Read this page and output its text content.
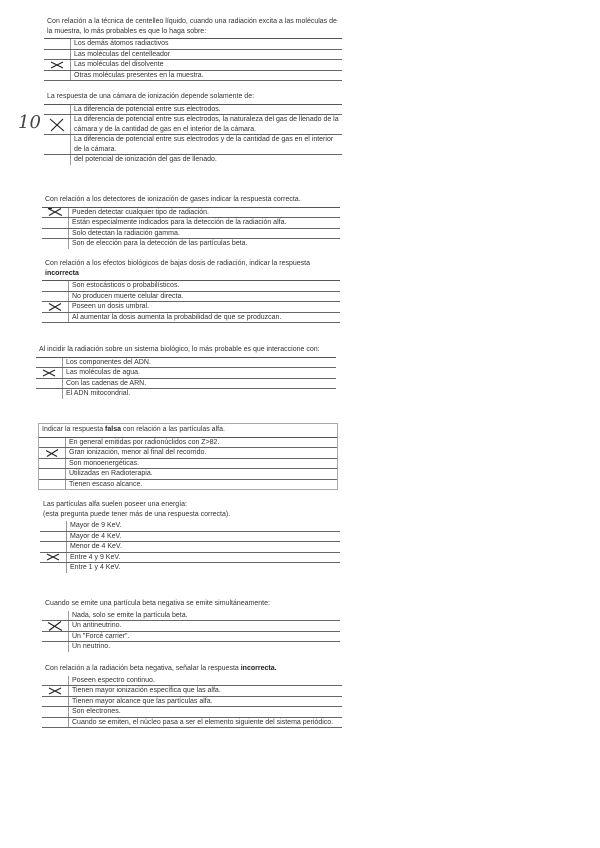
10
Con relación a la técnica de centelleo líquido, cuando una radiación excita a las moléculas de la muestra, lo más probables es que lo haga sobre:
Los demás átomos radiactivos
Las moléculas del centelleador
Las moléculas del disolvente
Otras moléculas presentes en la muestra.
La respuesta de una cámara de ionización depende solamente de:
La diferencia de potencial entre sus electrodos.
La diferencia de potencial entre sus electrodos, la naturaleza del gas de llenado de la cámara y de la cantidad de gas en el interior de la cámara.
La diferencia de potencial entre sus electrodos y de la cantidad de gas en el interior de la cámara.
del potencial de ionización del gas de llenado.
Con relación a los detectores de ionización de gases indicar la respuesta correcta.
Pueden detectar cualquier tipo de radiación.
Están especialmente indicados para la detección de la radiación alfa.
Solo detectan la radiación gamma.
Son de elección para la detección de las partículas beta.
Con relación a los efectos biológicos de bajas dosis de radiación, indicar la respuesta
incorrecta
Son estocásticos o probabilísticos.
No producen muerte celular directa.
Poseen un dosis umbral.
Al aumentar la dosis aumenta la probabilidad de que se produzcan.
Al incidir la radiación sobre un sistema biológico, lo más probable es que interaccione con:
Los componentes del ADN.
Las moléculas de agua.
Con las cadenas de ARN.
El ADN mitocondrial.
Indicar la respuesta falsa con relación a las partículas alfa.
En general emitidas por radionúclidos con Z>82.
Gran ionización, menor al final del recorrido.
Son monoenergéticas.
Utilizadas en Radioterapia.
Tienen escaso alcance.
Las partículas alfa suelen poseer una energía:
(esta pregunta puede tener más de una respuesta correcta).
Mayor de 9 KeV.
Mayor de 4 KeV.
Menor de 4 KeV.
Entre 4 y 9 KeV.
Entre 1 y 4 KeV.
Cuando se emite una partícula beta negativa se emite simultáneamente:
Nada, solo se emite la partícula beta.
Un antineutrino.
Un "Forcé carrier".
Un neutrino.
Con relación a la radiación beta negativa, señalar la respuesta incorrecta.
Poseen espectro continuo.
Tienen mayor ionización específica que las alfa.
Tienen mayor alcance que las partículas alfa.
Son electrones.
Cuando se emiten, el núcleo pasa a ser el elemento siguiente del sistema periódico.
